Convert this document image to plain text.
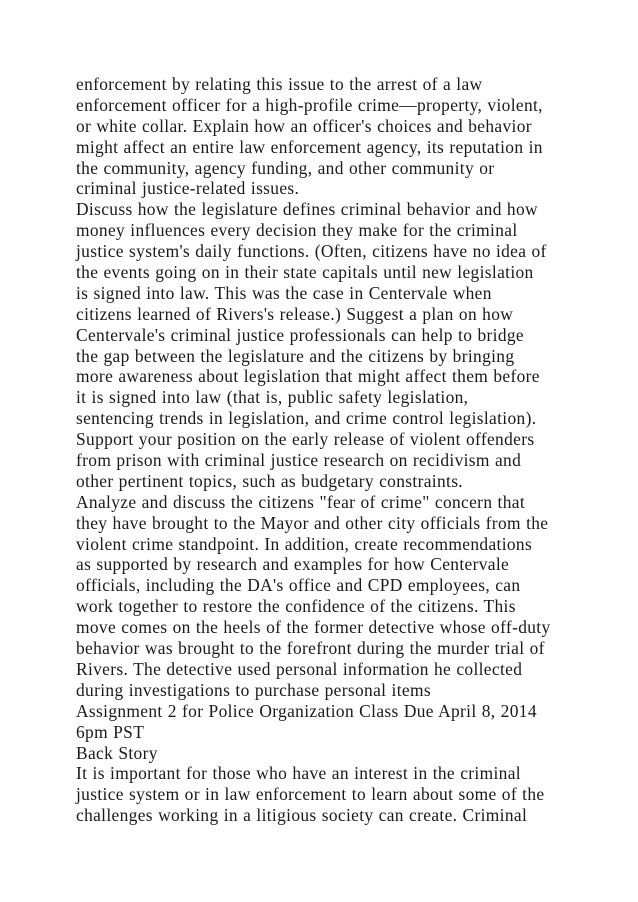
enforcement by relating this issue to the arrest of a law
enforcement officer for a high-profile crime—property, violent,
or white collar. Explain how an officer's choices and behavior
might affect an entire law enforcement agency, its reputation in
the community, agency funding, and other community or
criminal justice-related issues.
Discuss how the legislature defines criminal behavior and how
money influences every decision they make for the criminal
justice system's daily functions. (Often, citizens have no idea of
the events going on in their state capitals until new legislation
is signed into law. This was the case in Centervale when
citizens learned of Rivers's release.) Suggest a plan on how
Centervale's criminal justice professionals can help to bridge
the gap between the legislature and the citizens by bringing
more awareness about legislation that might affect them before
it is signed into law (that is, public safety legislation,
sentencing trends in legislation, and crime control legislation).
Support your position on the early release of violent offenders
from prison with criminal justice research on recidivism and
other pertinent topics, such as budgetary constraints.
Analyze and discuss the citizens "fear of crime" concern that
they have brought to the Mayor and other city officials from the
violent crime standpoint. In addition, create recommendations
as supported by research and examples for how Centervale
officials, including the DA's office and CPD employees, can
work together to restore the confidence of the citizens. This
move comes on the heels of the former detective whose off-duty
behavior was brought to the forefront during the murder trial of
Rivers. The detective used personal information he collected
during investigations to purchase personal items
Assignment 2 for Police Organization Class Due April 8, 2014
6pm PST
Back Story
It is important for those who have an interest in the criminal
justice system or in law enforcement to learn about some of the
challenges working in a litigious society can create. Criminal
